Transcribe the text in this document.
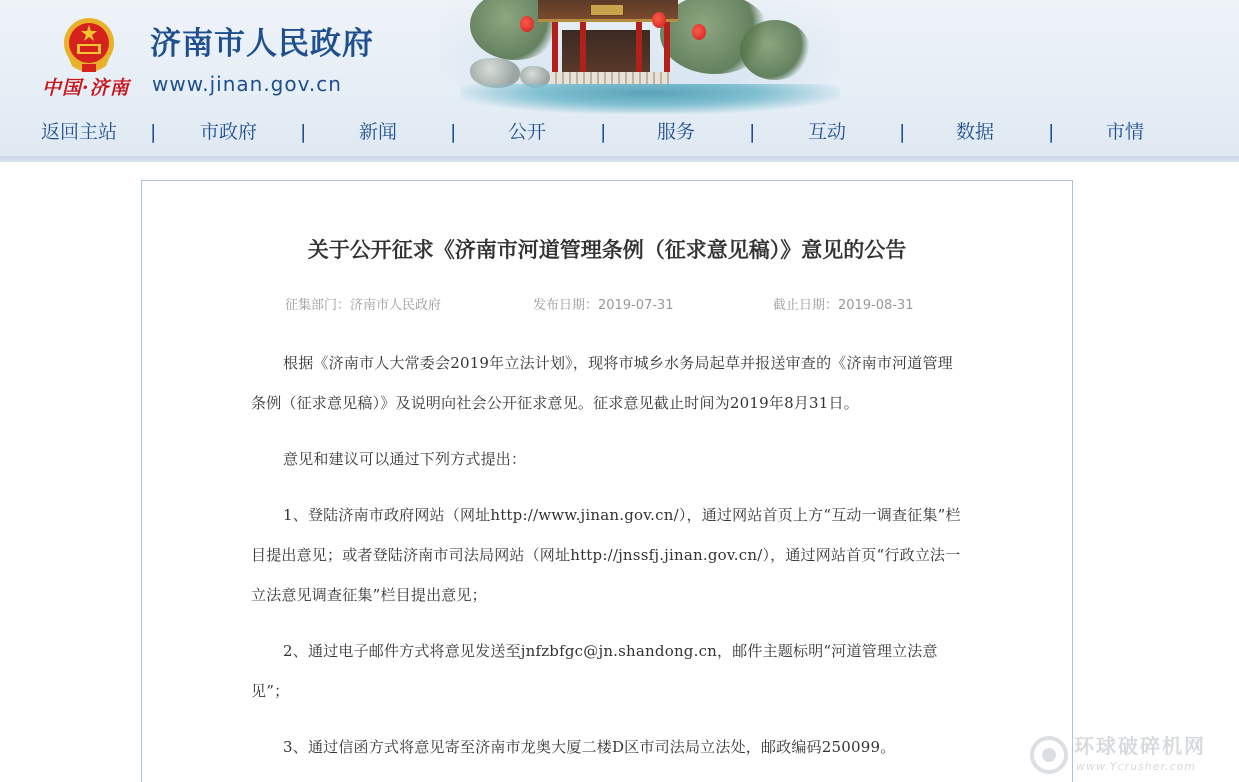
中国·济南
济南市人民政府
www.jinan.gov.cn
返回主站 | 市政府 |	新闻	|	公开	|	服务	|	互动	|	数据	|	市情
关于公开征求《济南市河道管理条例（征求意见稿）》意见的公告
征集部门：济南市人民政府	发布日期：2019-07-31	截止日期：2019-08-31

根据《济南市人大常委会2019年立法计划》，现将市城乡水务局起草并报送审查的《济南市河道管理条例（征求意见稿）》及说明向社会公开征求意见。征求意见截止时间为2019年8月31日。

意见和建议可以通过下列方式提出：

1、登陆济南市政府网站（网址http://www.jinan.gov.cn/），通过网站首页上方“互动一调查征集”栏目提出意见；或者登陆济南市司法局网站（网址http://jnssfj.jinan.gov.cn/），通过网站首页“行政立法一立法意见调查征集”栏目提出意见；

2、通过电子邮件方式将意见发送至jnfzbfgc@jn.shandong.cn，邮件主题标明“河道管理立法意见”；

3、通过信函方式将意见寄至济南市龙奥大厦二楼D区市司法局立法处，邮政编码250099。	环球破碎机网
www.Ycrusher.com
